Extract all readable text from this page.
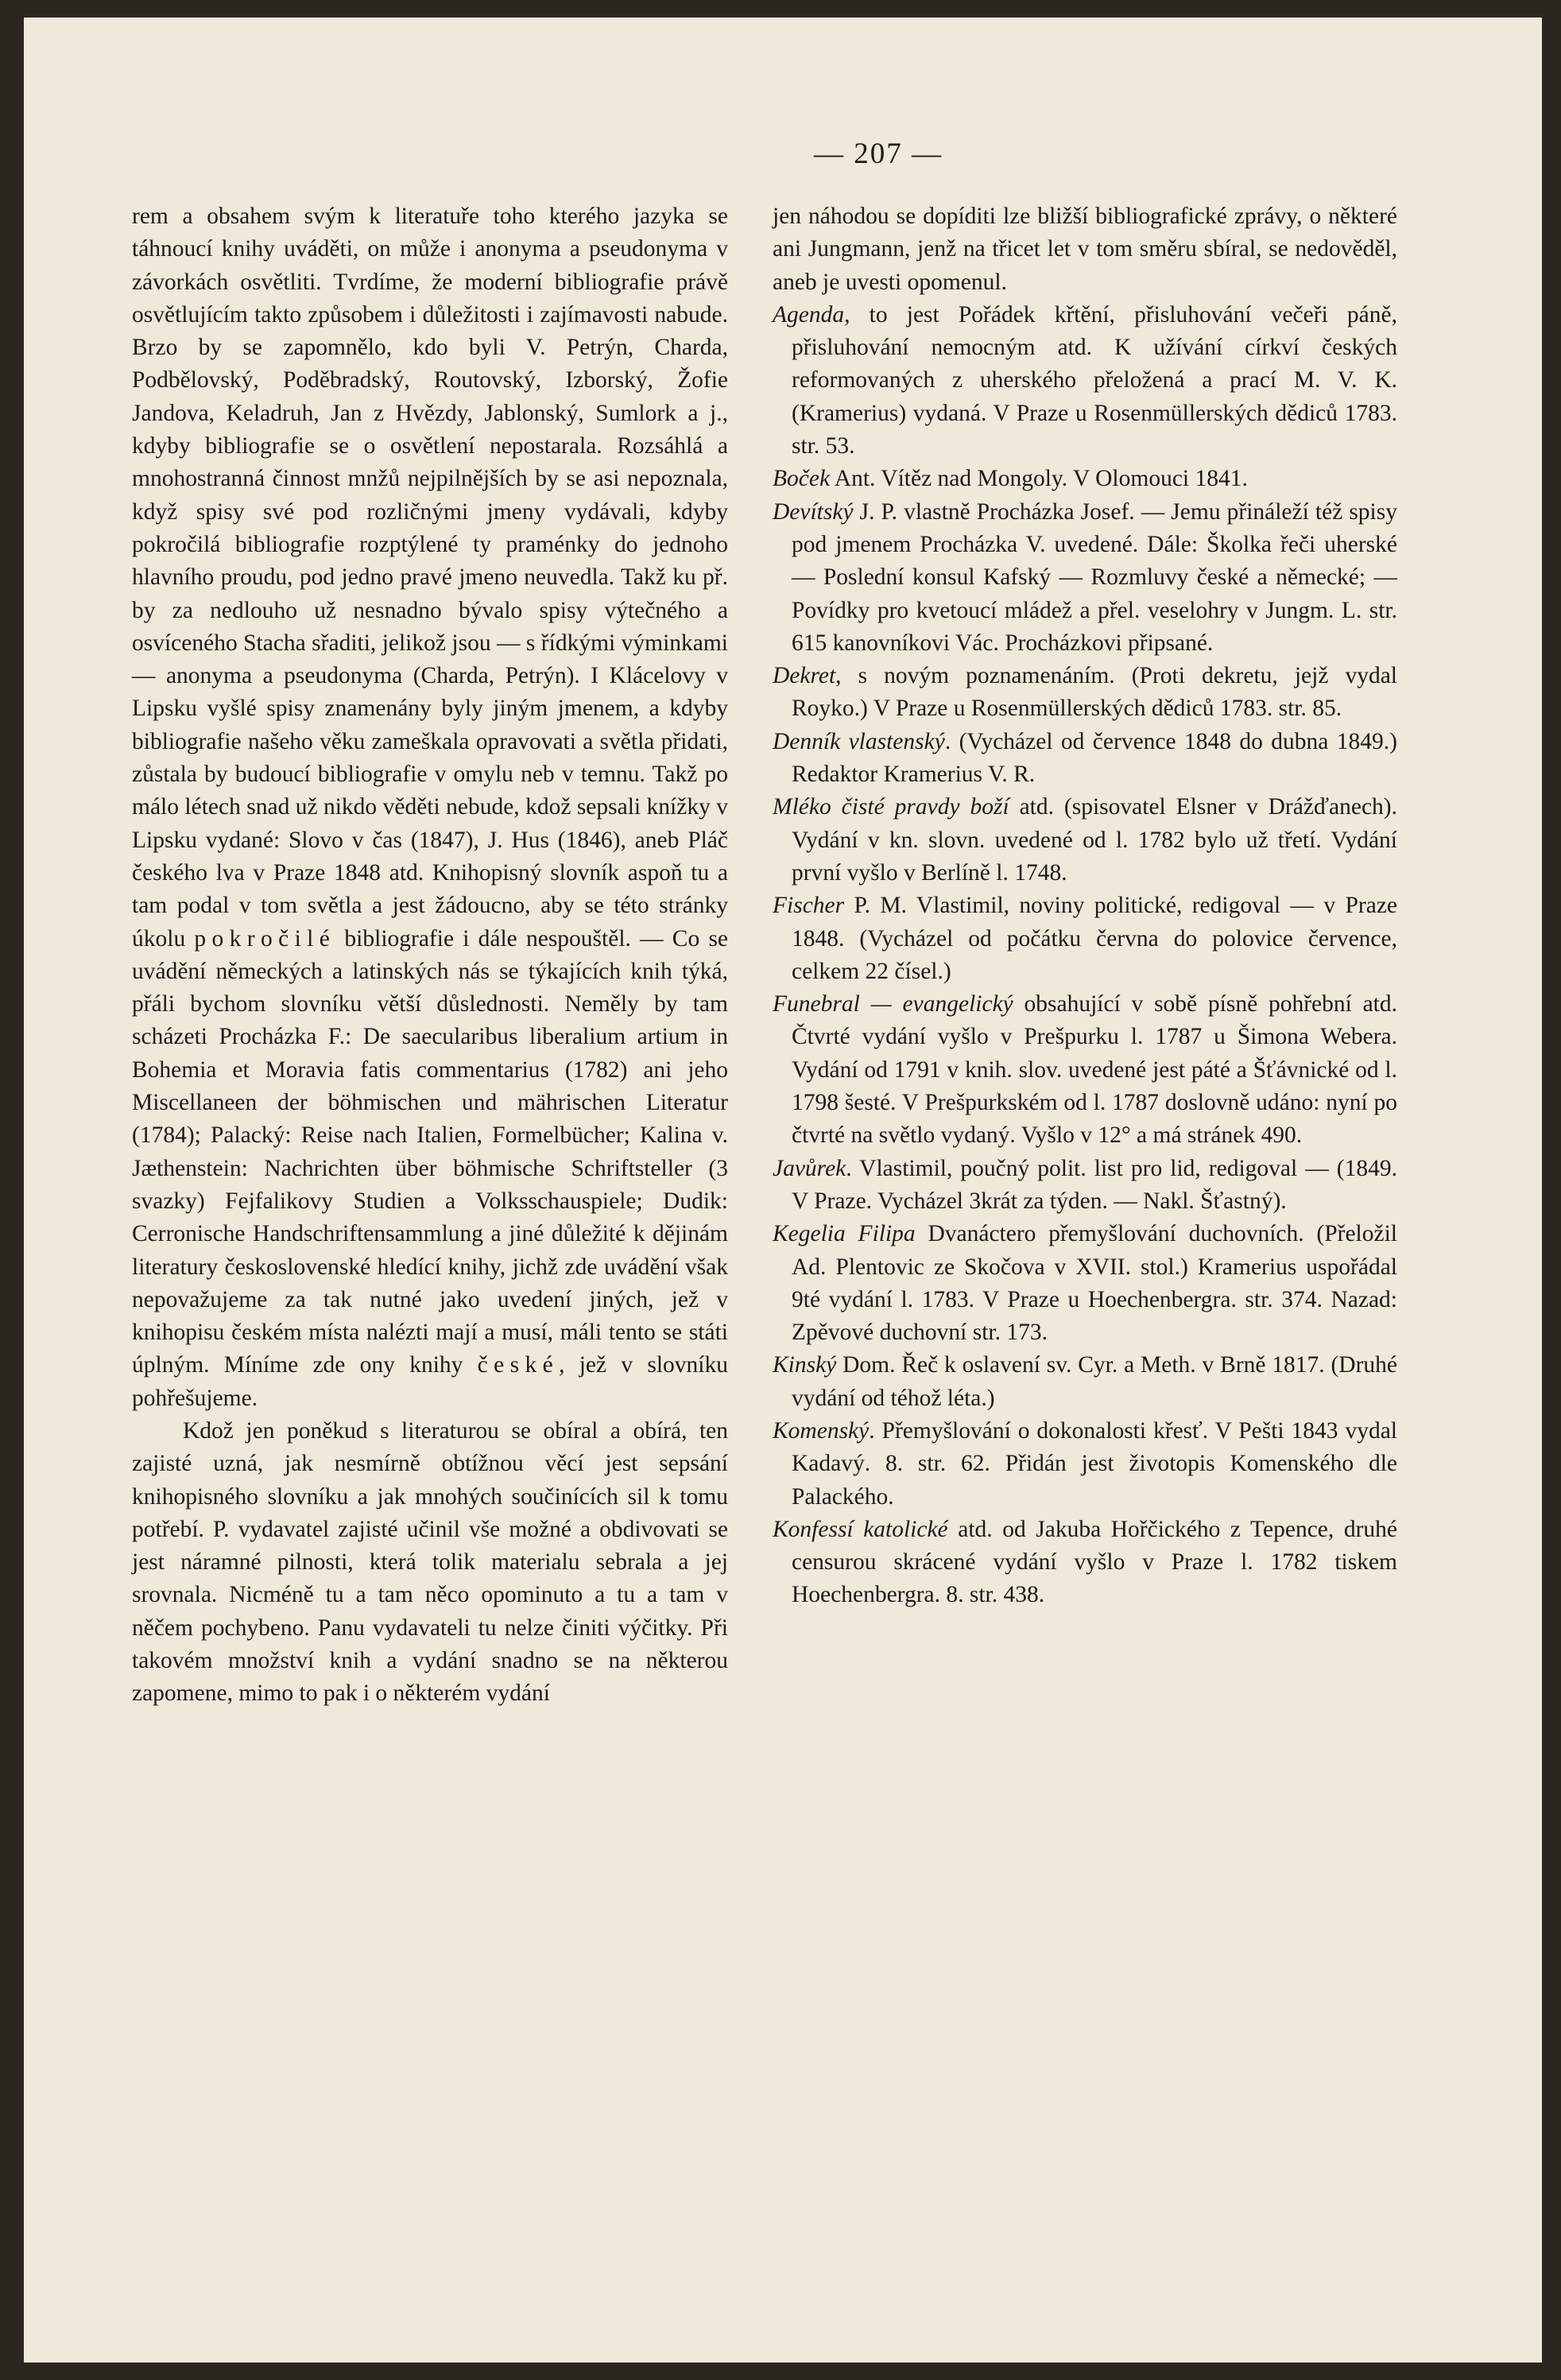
— 207 —

rem a obsahem svým k literatuře toho kterého jazyka se táhnoucí knihy uváděti, on může i anonyma a pseudonyma v závorkách osvětliti. Tvrdíme, že moderní bibliografie právě osvětlujícím takto způsobem i důležitosti i zajímavosti nabude. Brzo by se zapomnělo, kdo byli V. Petrýn, Charda, Podbělovský, Poděbradský, Routovský, Izborský, Žofie Jandova, Keladruh, Jan z Hvězdy, Jablonský, Sumlork a j., kdyby bibliografie se o osvětlení nepostarala. Rozsáhlá a mnohostranná činnost mnžů nejpilnějších by se asi nepoznala, když spisy své pod rozličnými jmeny vydávali, kdyby pokročilá bibliografie rozptýlené ty praménky do jednoho hlavního proudu, pod jedno pravé jmeno neuvedla. Takž ku př. by za nedlouho už nesnadno bývalo spisy výtečného a osvíceného Stacha sřaditi, jelikož jsou — s řídkými výminkami — anonyma a pseudonyma (Charda, Petrýn). I Klácelovy v Lipsku vyšlé spisy znamenány byly jiným jmenem, a kdyby bibliografie našeho věku zameškala opravovati a světla přidati, zůstala by budoucí bibliografie v omylu neb v temnu. Takž po málo létech snad už nikdo věděti nebude, kdož sepsali knížky v Lipsku vydané: Slovo v čas (1847), J. Hus (1846), aneb Pláč českého lva v Praze 1848 atd. Knihopisný slovník aspoň tu a tam podal v tom světla a jest žádoucno, aby se této stránky úkolu pokročilé bibliografie i dále nespouštěl. — Co se uvádění německých a latinských nás se týkajících knih týká, přáli bychom slovníku větší důslednosti. Neměly by tam scházeti Procházka F.: De saecularibus liberalium artium in Bohemia et Moravia fatis commentarius (1782) ani jeho Miscellaneen der böhmischen und mährischen Literatur (1784); Palacký: Reise nach Italien, Formelbücher; Kalina v. Jæthenstein: Nachrichten über böhmische Schriftsteller (3 svazky) Fejfalikovy Studien a Volksschauspiele; Dudik: Cerronische Handschriftensammlung a jiné důležité k dějinám literatury československé hledící knihy, jichž zde uvádění však nepovažujeme za tak nutné jako uvedení jiných, jež v knihopisu českém místa nalézti mají a musí, máli tento se státi úplným. Míníme zde ony knihy české, jež v slovníku pohřešujeme.

Kdož jen poněkud s literaturou se obíral a obírá, ten zajisté uzná, jak nesmírně obtížnou věcí jest sepsání knihopisného slovníku a jak mnohých součinících sil k tomu potřebí. P. vydavatel zajisté učinil vše možné a obdivovati se jest náramné pilnosti, která tolik materialu sebrala a jej srovnala. Nicméně tu a tam něco opominuto a tu a tam v něčem pochybeno. Panu vydavateli tu nelze činiti výčitky. Při takovém množství knih a vydání snadno se na některou zapomene, mimo to pak i o některém vydání

jen náhodou se dopíditi lze bližší bibliografické zprávy, o některé ani Jungmann, jenž na třicet let v tom směru sbíral, se nedověděl, aneb je uvesti opomenul.

Agenda, to jest Pořádek křtění, přisluhování večeři páně, přisluhování nemocným atd. K užívání církví českých reformovaných z uherského přeložená a prací M. V. K. (Kramerius) vydaná. V Praze u Rosenmüllerských dědiců 1783. str. 53.

Boček Ant. Vítěz nad Mongoly. V Olomouci 1841.

Devítský J. P. vlastně Procházka Josef. — Jemu přináleží též spisy pod jmenem Procházka V. uvedené. Dále: Školka řeči uherské — Poslední konsul Kafský — Rozmluvy české a německé; — Povídky pro kvetoucí mládež a přel. veselohry v Jungm. L. str. 615 kanovníkovi Vác. Procházkovi připsané.

Dekret, s novým poznamenáním. (Proti dekretu, jejž vydal Royko.) V Praze u Rosenmüllerských dědiců 1783. str. 85.

Denník vlastenský. (Vycházel od července 1848 do dubna 1849.) Redaktor Kramerius V. R.

Mléko čisté pravdy boží atd. (spisovatel Elsner v Drážďanech). Vydání v kn. slovn. uvedené od l. 1782 bylo už třetí. Vydání první vyšlo v Berlíně l. 1748.

Fischer P. M. Vlastimil, noviny politické, redigoval — v Praze 1848. (Vycházel od počátku června do polovice července, celkem 22 čísel.)

Funebral — evangelický obsahující v sobě písně pohřební atd. Čtvrté vydání vyšlo v Prešpurku l. 1787 u Šimona Webera. Vydání od 1791 v knih. slov. uvedené jest páté a Šťávnické od l. 1798 šesté. V Prešpurkském od l. 1787 doslovně udáno: nyní po čtvrté na světlo vydaný. Vyšlo v 12° a má stránek 490.

Javůrek. Vlastimil, poučný polit. list pro lid, redigoval — (1849. V Praze. Vycházel 3krát za týden. — Nakl. Šťastný).

Kegelia Filipa Dvanáctero přemyšlování duchovních. (Přeložil Ad. Plentovic ze Skočova v XVII. stol.) Kramerius uspořádal 9té vydání l. 1783. V Praze u Hoechenbergra. str. 374. Nazad: Zpěvové duchovní str. 173.

Kinský Dom. Řeč k oslavení sv. Cyr. a Meth. v Brně 1817. (Druhé vydání od téhož léta.)

Komenský. Přemyšlování o dokonalosti křesť. V Pešti 1843 vydal Kadavý. 8. str. 62. Přidán jest životopis Komenského dle Palackého.

Konfessí katolické atd. od Jakuba Hořčického z Tepence, druhé censurou skrácené vydání vyšlo v Praze l. 1782 tiskem Hoechenbergra. 8. str. 438.
